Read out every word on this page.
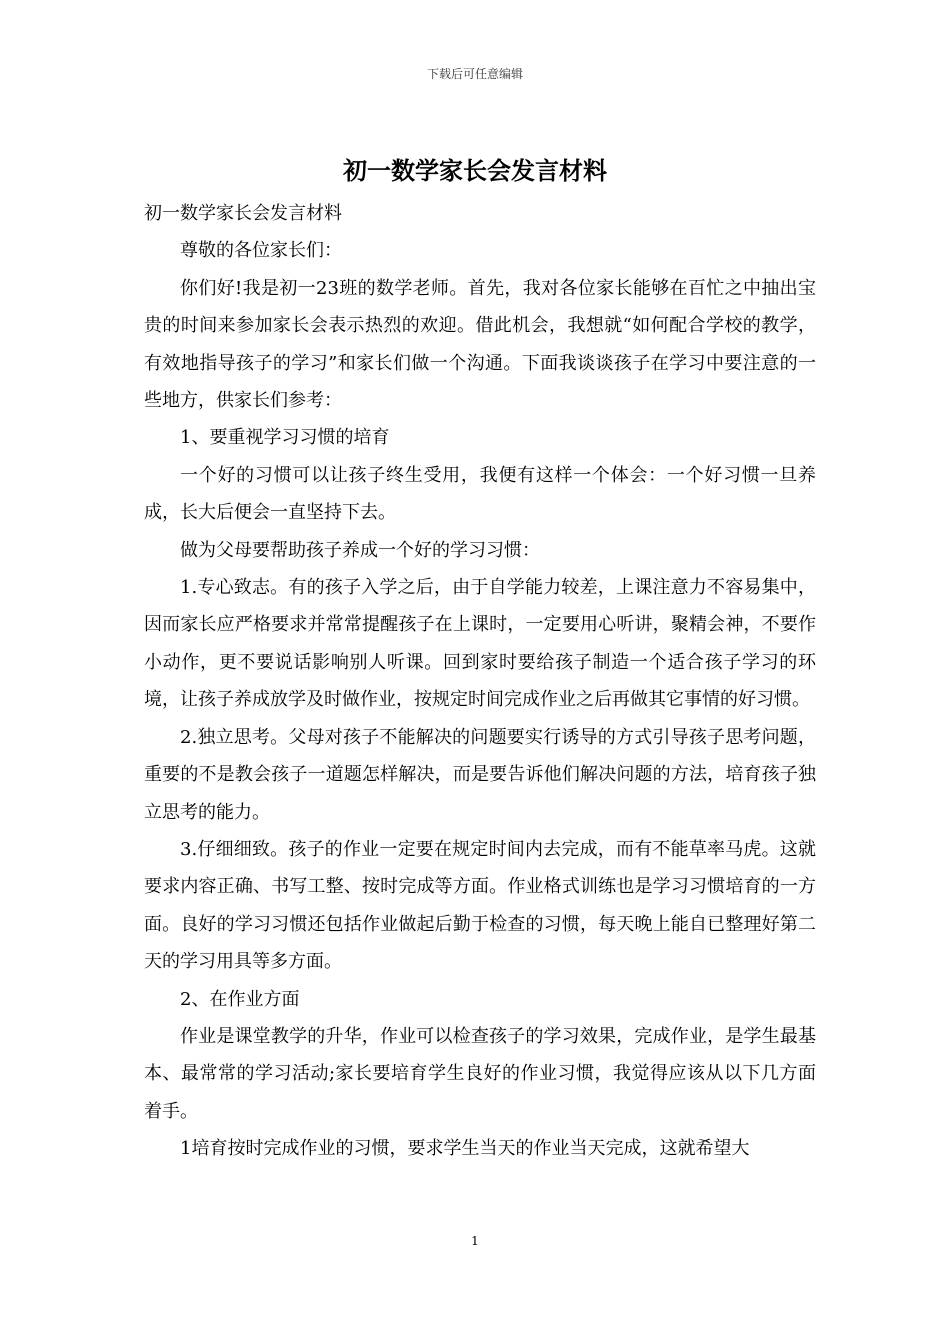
下载后可任意编辑
初一数学家长会发言材料

初一数学家长会发言材料

尊敬的各位家长们：

你们好!我是初一23班的数学老师。首先，我对各位家长能够在百忙之中抽出宝贵的时间来参加家长会表示热烈的欢迎。借此机会，我想就“如何配合学校的教学，有效地指导孩子的学习”和家长们做一个沟通。下面我谈谈孩子在学习中要注意的一些地方，供家长们参考：

1、要重视学习习惯的培育

一个好的习惯可以让孩子终生受用，我便有这样一个体会：一个好习惯一旦养成，长大后便会一直坚持下去。

做为父母要帮助孩子养成一个好的学习习惯：

1.专心致志。有的孩子入学之后，由于自学能力较差，上课注意力不容易集中，因而家长应严格要求并常常提醒孩子在上课时，一定要用心听讲，聚精会神，不要作小动作，更不要说话影响别人听课。回到家时要给孩子制造一个适合孩子学习的环境，让孩子养成放学及时做作业，按规定时间完成作业之后再做其它事情的好习惯。

2.独立思考。父母对孩子不能解决的问题要实行诱导的方式引导孩子思考问题，重要的不是教会孩子一道题怎样解决，而是要告诉他们解决问题的方法，培育孩子独立思考的能力。

3.仔细细致。孩子的作业一定要在规定时间内去完成，而有不能草率马虎。这就要求内容正确、书写工整、按时完成等方面。作业格式训练也是学习习惯培育的一方面。良好的学习习惯还包括作业做起后勤于检查的习惯，每天晚上能自已整理好第二天的学习用具等多方面。

2、在作业方面

作业是课堂教学的升华，作业可以检查孩子的学习效果，完成作业，是学生最基本、最常常的学习活动;家长要培育学生良好的作业习惯，我觉得应该从以下几方面着手。

1培育按时完成作业的习惯，要求学生当天的作业当天完成，这就希望大

1
